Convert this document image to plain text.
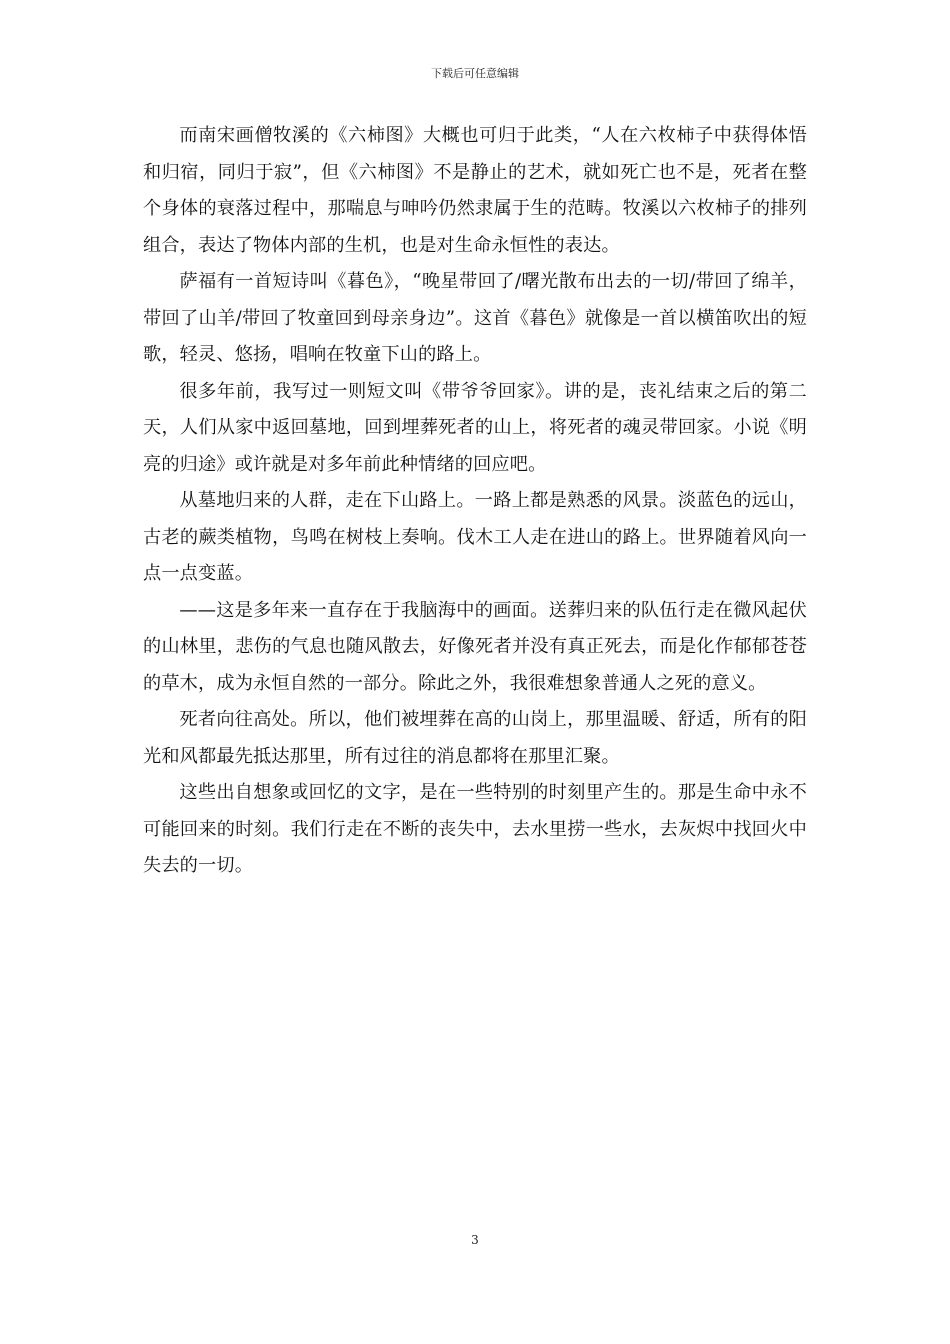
下载后可任意编辑

而南宋画僧牧溪的《六柿图》大概也可归于此类，“人在六枚柿子中获得体悟和归宿，同归于寂”，但《六柿图》不是静止的艺术，就如死亡也不是，死者在整个身体的衰落过程中，那喘息与呻吟仍然隶属于生的范畴。牧溪以六枚柿子的排列组合，表达了物体内部的生机，也是对生命永恒性的表达。

萨福有一首短诗叫《暮色》，“晚星带回了/曙光散布出去的一切/带回了绵羊，带回了山羊/带回了牧童回到母亲身边”。这首《暮色》就像是一首以横笛吹出的短歌，轻灵、悠扬，唱响在牧童下山的路上。

很多年前，我写过一则短文叫《带爷爷回家》。讲的是，丧礼结束之后的第二天，人们从家中返回墓地，回到埋葬死者的山上，将死者的魂灵带回家。小说《明亮的归途》或许就是对多年前此种情绪的回应吧。

从墓地归来的人群，走在下山路上。一路上都是熟悉的风景。淡蓝色的远山，古老的蕨类植物，鸟鸣在树枝上奏响。伐木工人走在进山的路上。世界随着风向一点一点变蓝。

——这是多年来一直存在于我脑海中的画面。送葬归来的队伍行走在微风起伏的山林里，悲伤的气息也随风散去，好像死者并没有真正死去，而是化作郁郁苍苍的草木，成为永恒自然的一部分。除此之外，我很难想象普通人之死的意义。

死者向往高处。所以，他们被埋葬在高的山岗上，那里温暖、舒适，所有的阳光和风都最先抵达那里，所有过往的消息都将在那里汇聚。

这些出自想象或回忆的文字，是在一些特别的时刻里产生的。那是生命中永不可能回来的时刻。我们行走在不断的丧失中，去水里捞一些水，去灰烬中找回火中失去的一切。

3
